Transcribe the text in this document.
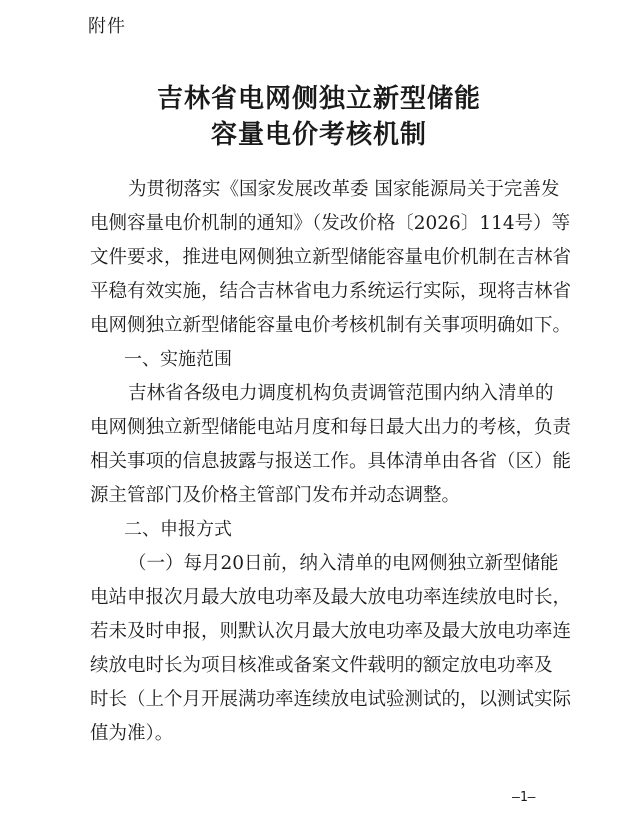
附件
吉林省电网侧独立新型储能
容量电价考核机制
为贯彻落实《国家发展改革委 国家能源局关于完善发
电侧容量电价机制的通知》（发改价格〔2026〕114号）等
文件要求，推进电网侧独立新型储能容量电价机制在吉林省
平稳有效实施，结合吉林省电力系统运行实际，现将吉林省
电网侧独立新型储能容量电价考核机制有关事项明确如下。
一、实施范围
吉林省各级电力调度机构负责调管范围内纳入清单的
电网侧独立新型储能电站月度和每日最大出力的考核，负责
相关事项的信息披露与报送工作。具体清单由各省（区）能
源主管部门及价格主管部门发布并动态调整。
二、申报方式
（一）每月20日前，纳入清单的电网侧独立新型储能
电站申报次月最大放电功率及最大放电功率连续放电时长，
若未及时申报，则默认次月最大放电功率及最大放电功率连
续放电时长为项目核准或备案文件载明的额定放电功率及
时长（上个月开展满功率连续放电试验测试的，以测试实际
值为准）。
—1—
